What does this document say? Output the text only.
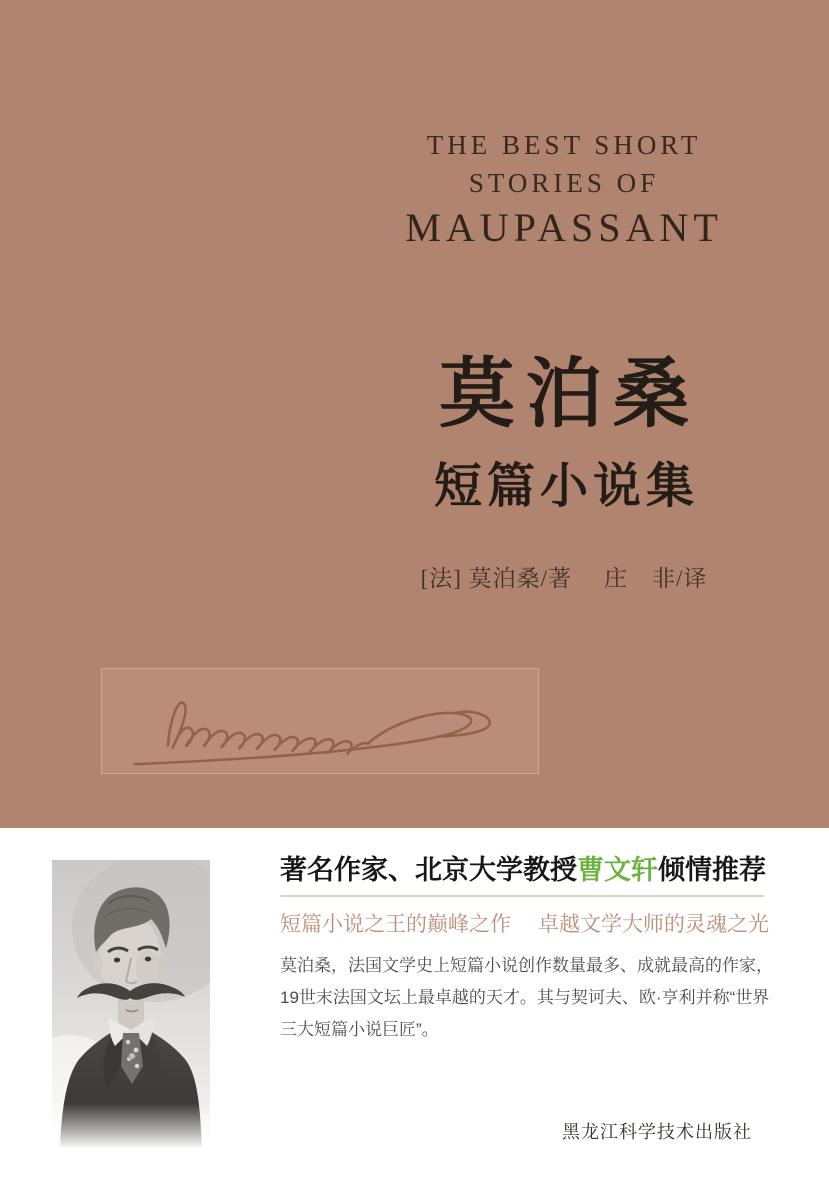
THE BEST SHORT
STORIES OF
MAUPASSANT
莫泊桑
短篇小说集
[法] 莫泊桑/著 庄　非/译
著名作家、北京大学教授曹文轩倾情推荐
短篇小说之王的巅峰之作 卓越文学大师的灵魂之光
莫泊桑，法国文学史上短篇小说创作数量最多、成就最高的作家，19世末法国文坛上最卓越的天才。其与契诃夫、欧·亨利并称“世界三大短篇小说巨匠”。
黑龙江科学技术出版社
